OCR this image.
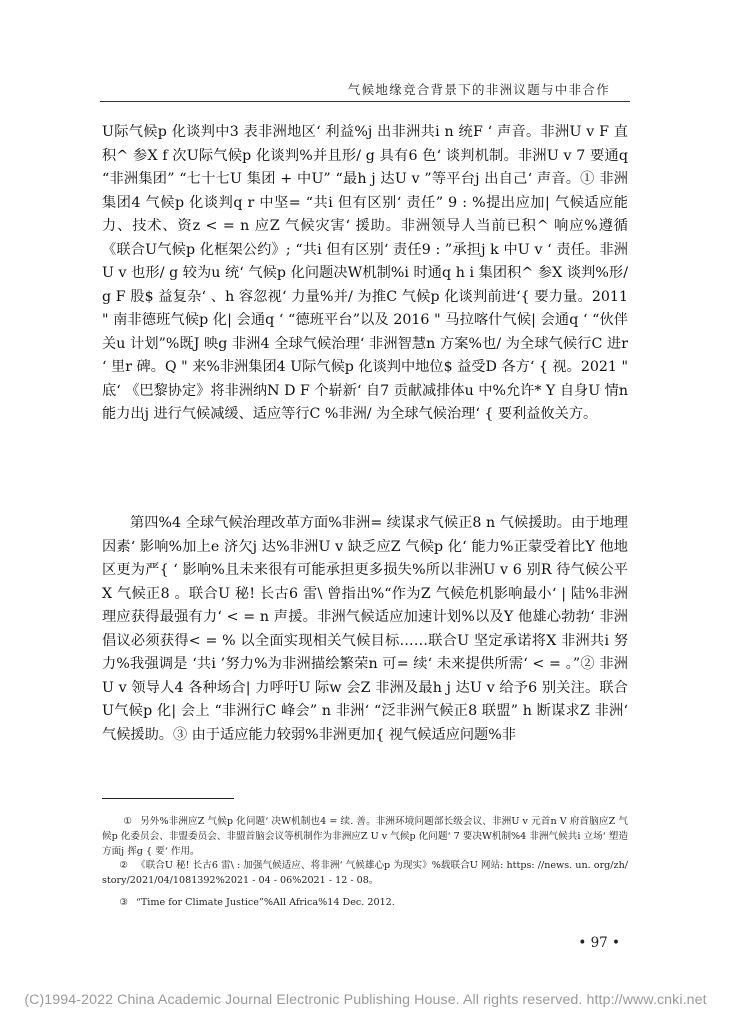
气候地缘竞合背景下的非洲议题与中非合作

U际气候p 化谈判中3 表非洲地区‘ 利益%j 出非洲共i n 统F ‘ 声音。非洲U v F 直积^ 参X f 次U际气候p 化谈判%并且形/ g 具有6 色‘ 谈判机制。非洲U v 7 要通q “非洲集团” “七十七U 集团 + 中U” “最h j 达U v ”等平台j 出自己‘ 声音。① 非洲集团4 气候p 化谈判q r 中坚= “共i 但有区别‘ 责任” 9 : %提出应加| 气候适应能力、技术、资z < = n 应Z 气候灾害‘ 援助。非洲领导人当前已积^ 响应%遵循 《联合U气候p 化框架公约》; “共i 但有区别‘ 责任9 : ”承担j k 中U v ‘ 责任。非洲U v 也形/ g 较为u 统‘ 气候p 化问题决W机制%i 时通q h i 集团积^ 参X 谈判%形/ g F 股$ 益复杂‘ 、h 容忽视‘ 力量%并/ 为推C 气候p 化谈判前进‘{ 要力量。2011 " 南非德班气候p 化| 会通q ‘ “德班平台”以及 2016 " 马拉喀什气候| 会通q ‘ “伙伴关u 计划”%既J 映g 非洲4 全球气候治理‘ 非洲智慧n 方案%也/ 为全球气候行C 进r ‘ 里r 碑。Q " 来%非洲集团4 U际气候p 化谈判中地位$ 益受D 各方‘ { 视。2021 " 底‘ 《巴黎协定》将非洲纳N D F 个崭新‘ 自7 贡献减排体u 中%允许* Y 自身U 情n 能力出j 进行气候减缓、适应等行C %非洲/ 为全球气候治理‘ { 要利益攸关方。

第四%4 全球气候治理改革方面%非洲= 续谋求气候正8 n 气候援助。由于地理因素‘ 影响%加上e 济欠j 达%非洲U v 缺乏应Z 气候p 化‘ 能力%正蒙受着比Y 他地区更为严{ ‘ 影响%且未来很有可能承担更多损失%所以非洲U v 6 别R 待气候公平X 气候正8 。联合U 秘! 长古6 雷\ 曾指出%“作为Z 气候危机影响最小‘ | 陆%非洲理应获得最强有力‘ < = n 声援。非洲气候适应加速计划%以及Y 他雄心勃勃‘ 非洲倡议必须获得< = % 以全面实现相关气候目标……联合U 坚定承诺将X 非洲共i 努力%我强调是 ‘共i ’努力%为非洲描绘繁荣n 可= 续‘ 未来提供所需‘ < = 。”② 非洲U v 领导人4 各种场合| 力呼吁U 际w 会Z 非洲及最h j 达U v 给予6 别关注。联合U气候p 化| 会上 “非洲行C 峰会” n 非洲‘ “泛非洲气候正8 联盟” h 断谋求Z 非洲‘ 气候援助。③ 由于适应能力较弱%非洲更加{ 视气候适应问题%非

① 另外%非洲应Z 气候p 化问题‘ 决W机制也4 = 续. 善。非洲环境问题部长级会议、非洲U v 元首n V 府首脑应Z 气候p 化委员会、非盟委员会、非盟首脑会议等机制作为非洲应Z U v 气候p 化问题‘ 7 要决W机制%4 非洲气候共i 立场‘ 塑造方面j 挥g { 要‘ 作用。

② 《联合U 秘! 长古6 雷\ : 加强气候适应、将非洲‘ 气候雄心p 为现实》%载联合U 网站: https: //news. un. org/zh/story/2021/04/1081392%2021 - 04 - 06%2021 - 12 - 08。

③ “Time for Climate Justice”%All Africa%14 Dec. 2012.

• 97 •
(C)1994-2022 China Academic Journal Electronic Publishing House. All rights reserved. http://www.cnki.net
